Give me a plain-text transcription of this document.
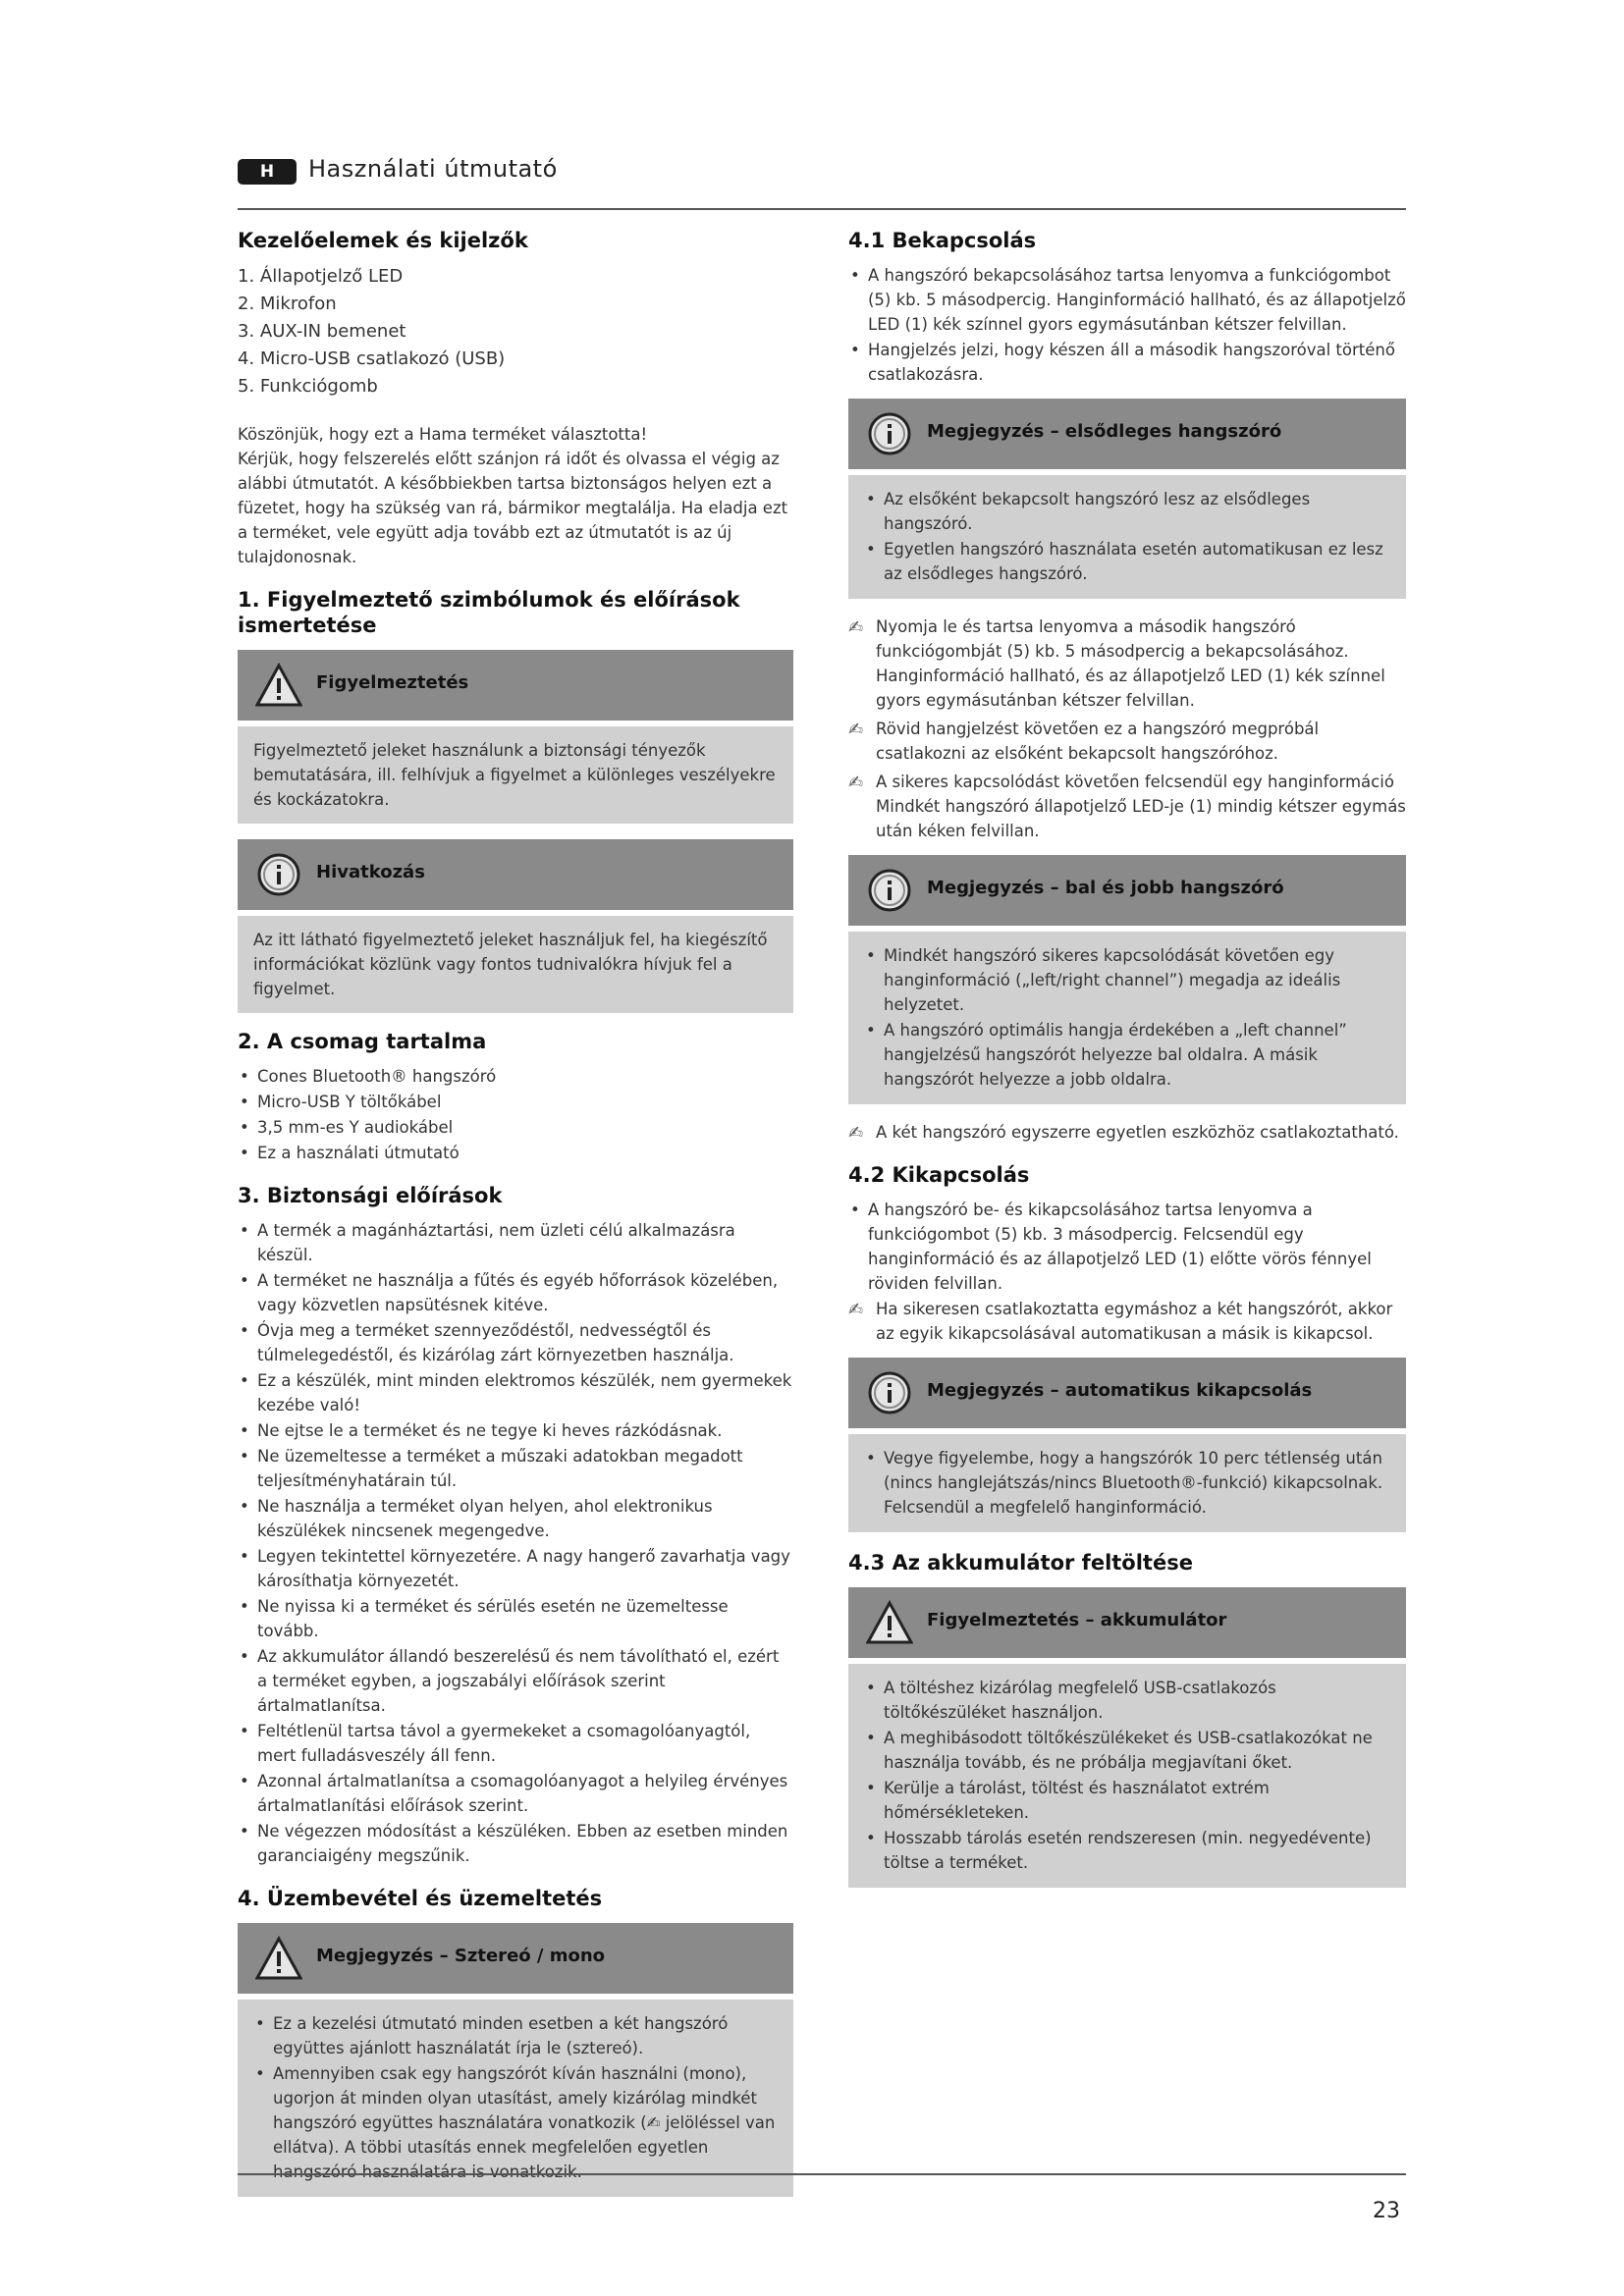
H	Használati útmutató
Kezelőelemek és kijelzők
1. Állapotjelző LED
2. Mikrofon
3. AUX-IN bemenet
4. Micro-USB csatlakozó (USB)
5. Funkciógomb

Köszönjük, hogy ezt a Hama terméket választotta!

Kérjük, hogy felszerelés előtt szánjon rá időt és olvassa el végig az alábbi útmutatót. A későbbiekben tartsa biztonságos helyen ezt a füzetet, hogy ha szükség van rá, bármikor megtalálja. Ha eladja ezt a terméket, vele együtt adja tovább ezt az útmutatót is az új tulajdonosnak.

1. Figyelmeztető szimbólumok és előírások ismertetése
Figyelmeztetés
Figyelmeztető jeleket használunk a biztonsági tényezők bemutatására, ill. felhívjuk a figyelmet a különleges veszélyekre és kockázatokra.
Hivatkozás
Az itt látható figyelmeztető jeleket használjuk fel, ha kiegészítő információkat közlünk vagy fontos tudnivalókra hívjuk fel a figyelmet.
2. A csomag tartalma
• Cones Bluetooth® hangszóró
• Micro-USB Y töltőkábel
• 3,5 mm-es Y audiokábel
• Ez a használati útmutató
3. Biztonsági előírások
• A termék a magánháztartási, nem üzleti célú alkalmazásra készül.
• A terméket ne használja a fűtés és egyéb hőforrások közelében, vagy közvetlen napsütésnek kitéve.
• Óvja meg a terméket szennyeződéstől, nedvességtől és túlmelegedéstől, és kizárólag zárt környezetben használja.
• Ez a készülék, mint minden elektromos készülék, nem gyermekek kezébe való!
• Ne ejtse le a terméket és ne tegye ki heves rázkódásnak.
• Ne üzemeltesse a terméket a műszaki adatokban megadott teljesítményhatárain túl.
• Ne használja a terméket olyan helyen, ahol elektronikus készülékek nincsenek megengedve.
• Legyen tekintettel környezetére. A nagy hangerő zavarhatja vagy károsíthatja környezetét.
• Ne nyissa ki a terméket és sérülés esetén ne üzemeltesse tovább.
• Az akkumulátor állandó beszerelésű és nem távolítható el, ezért a terméket egyben, a jogszabályi előírások szerint ártalmatlanítsa.
• Feltétlenül tartsa távol a gyermekeket a csomagolóanyagtól, mert fulladásveszély áll fenn.
• Azonnal ártalmatlanítsa a csomagolóanyagot a helyileg érvényes ártalmatlanítási előírások szerint.
• Ne végezzen módosítást a készüléken. Ebben az esetben minden garanciaigény megszűnik.
4. Üzembevétel és üzemeltetés
Megjegyzés – Sztereó / mono
• Ez a kezelési útmutató minden esetben a két hangszóró együttes ajánlott használatát írja le (sztereó).
• Amennyiben csak egy hangszórót kíván használni (mono), ugorjon át minden olyan utasítást, amely kizárólag mindkét hangszóró együttes használatára vonatkozik (✍ jelöléssel van ellátva). A többi utasítás ennek megfelelően egyetlen hangszóró használatára is vonatkozik.
4.1 Bekapcsolás
• A hangszóró bekapcsolásához tartsa lenyomva a funkciógombot (5) kb. 5 másodpercig. Hanginformáció hallható, és az állapotjelző LED (1) kék színnel gyors egymásutánban kétszer felvillan.
• Hangjelzés jelzi, hogy készen áll a második hangszoróval történő csatlakozásra.
Megjegyzés – elsődleges hangszóró
• Az elsőként bekapcsolt hangszóró lesz az elsődleges hangszóró.
• Egyetlen hangszóró használata esetén automatikusan ez lesz az elsődleges hangszóró.
✍ Nyomja le és tartsa lenyomva a második hangszóró funkciógombját (5) kb. 5 másodpercig a bekapcsolásához. Hanginformáció hallható, és az állapotjelző LED (1) kék színnel gyors egymásutánban kétszer felvillan.
✍ Rövid hangjelzést követően ez a hangszóró megpróbál csatlakozni az elsőként bekapcsolt hangszóróhoz.
✍ A sikeres kapcsolódást követően felcsendül egy hanginformáció Mindkét hangszóró állapotjelző LED-je (1) mindig kétszer egymás után kéken felvillan.
Megjegyzés – bal és jobb hangszóró
• Mindkét hangszóró sikeres kapcsolódását követően egy hanginformáció („left/right channel”) megadja az ideális helyzetet.
• A hangszóró optimális hangja érdekében a „left channel” hangjelzésű hangszórót helyezze bal oldalra. A másik hangszórót helyezze a jobb oldalra.
✍ A két hangszóró egyszerre egyetlen eszközhöz csatlakoztatható.
4.2 Kikapcsolás
• A hangszóró be- és kikapcsolásához tartsa lenyomva a funkciógombot (5) kb. 3 másodpercig. Felcsendül egy hanginformáció és az állapotjelző LED (1) előtte vörös fénnyel röviden felvillan.
✍ Ha sikeresen csatlakoztatta egymáshoz a két hangszórót, akkor az egyik kikapcsolásával automatikusan a másik is kikapcsol.
Megjegyzés – automatikus kikapcsolás
• Vegye figyelembe, hogy a hangszórók 10 perc tétlenség után (nincs hanglejátszás/nincs Bluetooth®-funkció) kikapcsolnak. Felcsendül a megfelelő hanginformáció.
4.3 Az akkumulátor feltöltése
Figyelmeztetés – akkumulátor
• A töltéshez kizárólag megfelelő USB-csatlakozós töltőkészüléket használjon.
• A meghibásodott töltőkészülékeket és USB-csatlakozókat ne használja tovább, és ne próbálja megjavítani őket.
• Kerülje a tárolást, töltést és használatot extrém hőmérsékleteken.
• Hosszabb tárolás esetén rendszeresen (min. negyedévente) töltse a terméket.
23
